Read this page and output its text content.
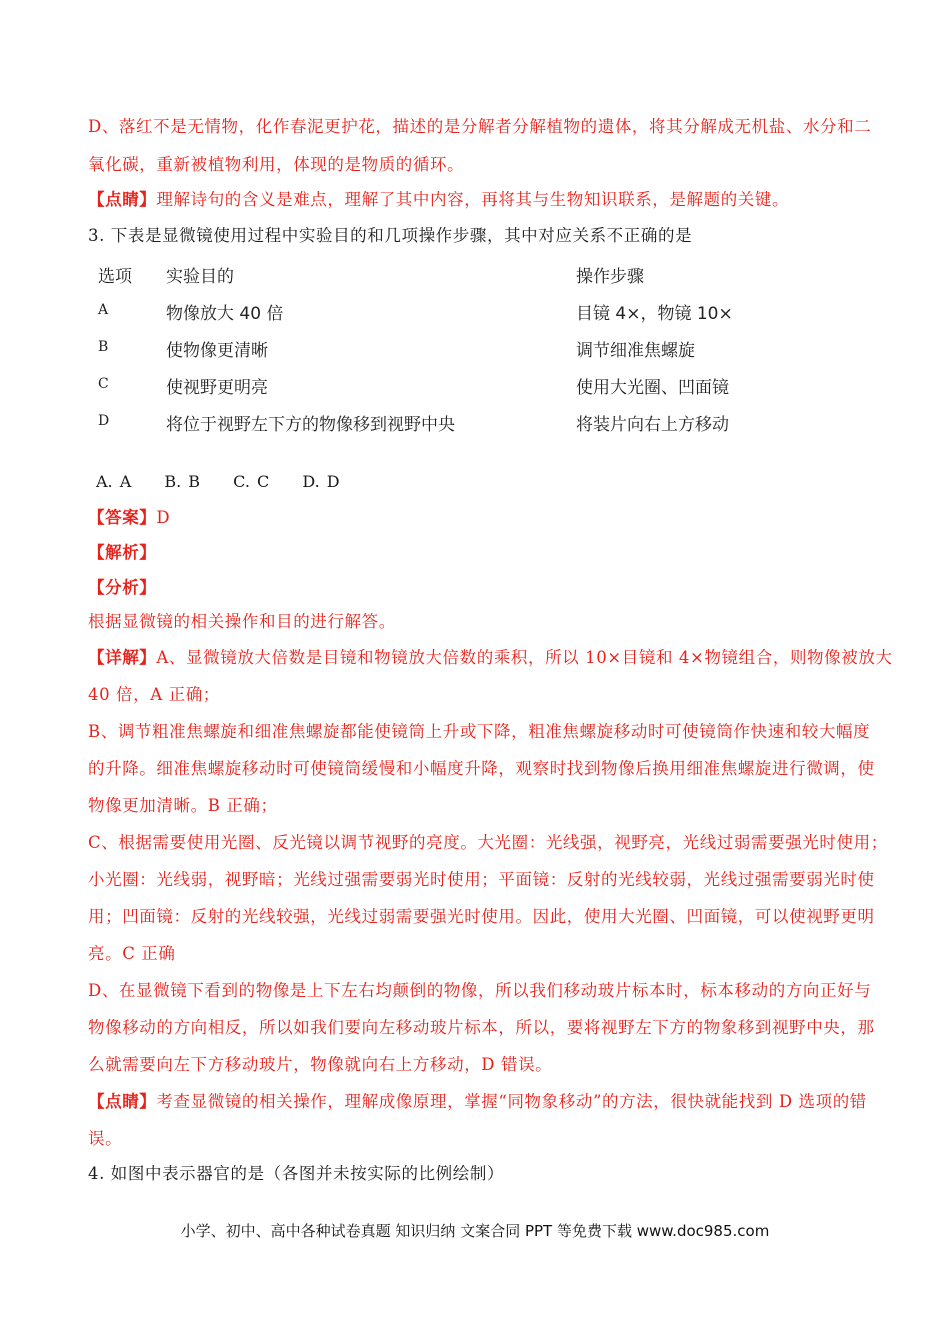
D、落红不是无情物，化作春泥更护花，描述的是分解者分解植物的遗体，将其分解成无机盐、水分和二
氧化碳，重新被植物利用，体现的是物质的循环。
【点睛】理解诗句的含义是难点，理解了其中内容，再将其与生物知识联系，是解题的关键。
3. 下表是显微镜使用过程中实验目的和几项操作步骤，其中对应关系不正确的是
选项 实验目的	操作步骤
A	物像放大 40 倍	目镜 4×，物镜 10×
B	使物像更清晰	调节细准焦螺旋
C	使视野更明亮	使用大光圈、凹面镜
D	将位于视野左下方的物像移到视野中央	将装片向右上方移动
A. A B. B C. C D. D
【答案】D
【解析】
【分析】
根据显微镜的相关操作和目的进行解答。
【详解】A、显微镜放大倍数是目镜和物镜放大倍数的乘积，所以 10×目镜和 4×物镜组合，则物像被放大
40 倍，A 正确；
B、调节粗准焦螺旋和细准焦螺旋都能使镜筒上升或下降，粗准焦螺旋移动时可使镜筒作快速和较大幅度
的升降。细准焦螺旋移动时可使镜筒缓慢和小幅度升降，观察时找到物像后换用细准焦螺旋进行微调，使
物像更加清晰。B 正确；
C、根据需要使用光圈、反光镜以调节视野的亮度。大光圈：光线强，视野亮，光线过弱需要强光时使用；
小光圈：光线弱，视野暗；光线过强需要弱光时使用；平面镜：反射的光线较弱，光线过强需要弱光时使
用；凹面镜：反射的光线较强，光线过弱需要强光时使用。因此，使用大光圈、凹面镜，可以使视野更明
亮。C 正确
D、在显微镜下看到的物像是上下左右均颠倒的物像，所以我们移动玻片标本时，标本移动的方向正好与
物像移动的方向相反，所以如我们要向左移动玻片标本，所以，要将视野左下方的物象移到视野中央，那
么就需要向左下方移动玻片，物像就向右上方移动，D 错误。
【点睛】考查显微镜的相关操作，理解成像原理，掌握“同物象移动”的方法，很快就能找到 D 选项的错
误。
4. 如图中表示器官的是（各图并未按实际的比例绘制）
小学、初中、高中各种试卷真题 知识归纳 文案合同 PPT 等免费下载 www.doc985.com
